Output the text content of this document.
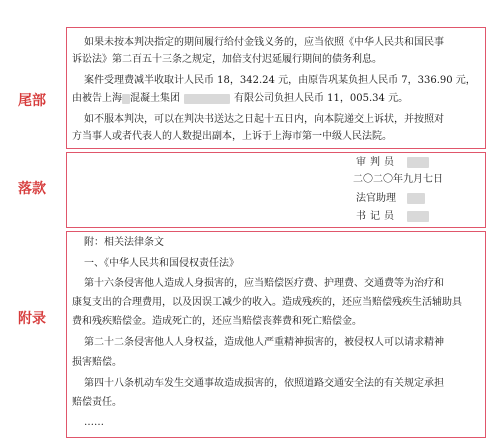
尾部
落款
附录

如果未按本判决指定的期间履行给付金钱义务的，应当依照《中华人民共和国民事

诉讼法》第二百五十三条之规定，加倍支付迟延履行期间的债务利息。

案件受理费减半收取计人民币 18，342.24 元，由原告巩某负担人民币 7，336.90 元，

由被告上海 混凝土集团	有限公司负担人民币 11，005.34 元。

如不服本判决，可以在判决书送达之日起十五日内，向本院递交上诉状，并按照对

方当事人或者代表人的人数提出副本，上诉于上海市第一中级人民法院。

审判员
二〇二〇年九月七日
法官助理
书记员

附：相关法律条文

一、《中华人民共和国侵权责任法》

第十六条侵害他人造成人身损害的，应当赔偿医疗费、护理费、交通费等为治疗和

康复支出的合理费用，以及因误工减少的收入。造成残疾的，还应当赔偿残疾生活辅助具

费和残疾赔偿金。造成死亡的，还应当赔偿丧葬费和死亡赔偿金。

第二十二条侵害他人人身权益，造成他人严重精神损害的，被侵权人可以请求精神

损害赔偿。

第四十八条机动车发生交通事故造成损害的，依照道路交通安全法的有关规定承担

赔偿责任。

……
